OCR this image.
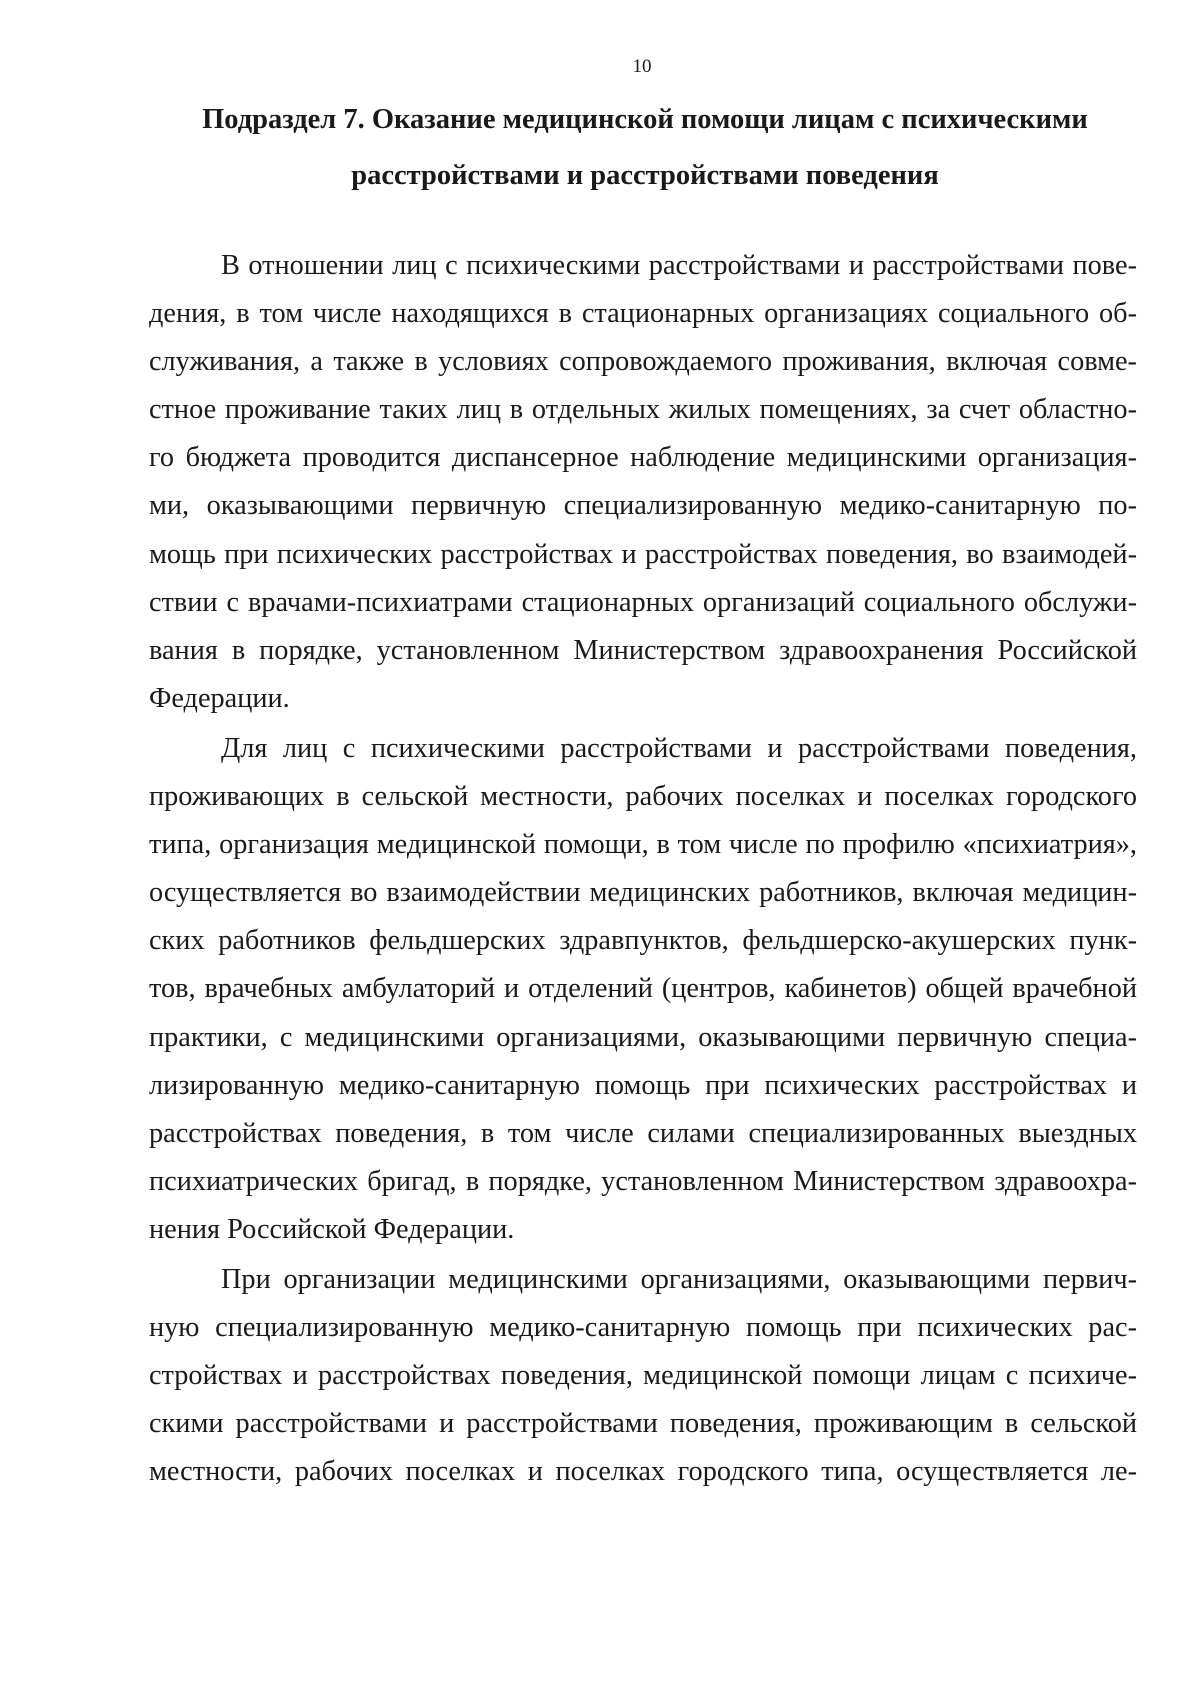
10
Подраздел 7. Оказание медицинской помощи лицам с психическими
расстройствами и расстройствами поведения

В отношении лиц с психическими расстройствами и расстройствами пове-
дения, в том числе находящихся в стационарных организациях социального об-
служивания, а также в условиях сопровождаемого проживания, включая совме-
стное проживание таких лиц в отдельных жилых помещениях, за счет областно-
го бюджета проводится диспансерное наблюдение медицинскими организация-
ми, оказывающими первичную специализированную медико-санитарную по-
мощь при психических расстройствах и расстройствах поведения, во взаимодей-
ствии с врачами-психиатрами стационарных организаций социального обслужи-
вания в порядке, установленном Министерством здравоохранения Российской
Федерации.

Для лиц с психическими расстройствами и расстройствами поведения,
проживающих в сельской местности, рабочих поселках и поселках городского
типа, организация медицинской помощи, в том числе по профилю «психиатрия»,
осуществляется во взаимодействии медицинских работников, включая медицин-
ских работников фельдшерских здравпунктов, фельдшерско-акушерских пунк-
тов, врачебных амбулаторий и отделений (центров, кабинетов) общей врачебной
практики, с медицинскими организациями, оказывающими первичную специа-
лизированную медико-санитарную помощь при психических расстройствах и
расстройствах поведения, в том числе силами специализированных выездных
психиатрических бригад, в порядке, установленном Министерством здравоохра-
нения Российской Федерации.

При организации медицинскими организациями, оказывающими первич-
ную специализированную медико-санитарную помощь при психических рас-
стройствах и расстройствах поведения, медицинской помощи лицам с психиче-
скими расстройствами и расстройствами поведения, проживающим в сельской
местности, рабочих поселках и поселках городского типа, осуществляется ле-
